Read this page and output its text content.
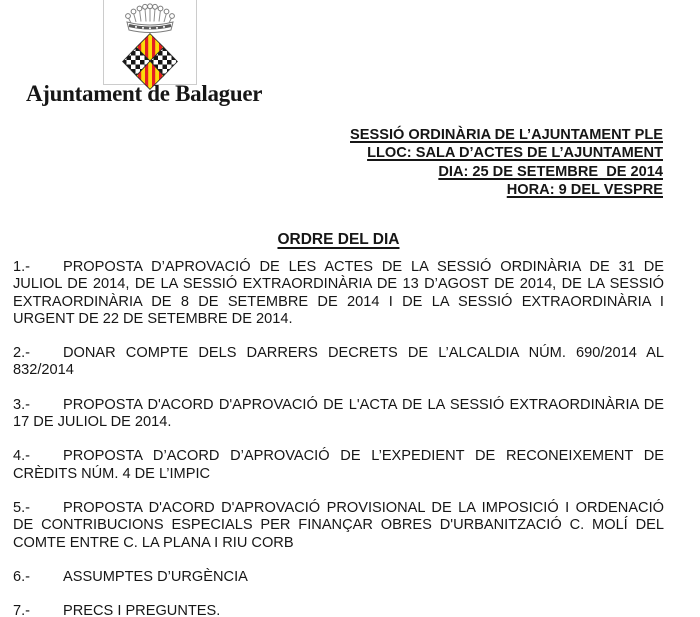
Ajuntament de Balaguer
SESSIÓ ORDINÀRIA DE L’AJUNTAMENT PLE
LLOC: SALA D’ACTES DE L’AJUNTAMENT
DIA: 25 DE SETEMBRE  DE 2014
HORA: 9 DEL VESPRE
ORDRE DEL DIA
1.- PROPOSTA D’APROVACIÓ DE LES ACTES DE LA SESSIÓ ORDINÀRIA DE 31 DE
JULIOL DE 2014, DE LA SESSIÓ EXTRAORDINÀRIA DE 13 D’AGOST DE 2014, DE LA SESSIÓ
EXTRAORDINÀRIA DE 8 DE SETEMBRE DE 2014 I DE LA SESSIÓ EXTRAORDINÀRIA I
URGENT DE 22 DE SETEMBRE DE 2014.
2.- DONAR COMPTE DELS DARRERS DECRETS DE L’ALCALDIA NÚM. 690/2014 AL
832/2014
3.- PROPOSTA D'ACORD D'APROVACIÓ DE L'ACTA DE LA SESSIÓ EXTRAORDINÀRIA DE
17 DE JULIOL DE 2014.
4.- PROPOSTA D’ACORD D’APROVACIÓ DE L’EXPEDIENT DE RECONEIXEMENT DE
CRÈDITS NÚM. 4 DE L’IMPIC
5.- PROPOSTA D'ACORD D'APROVACIÓ PROVISIONAL DE LA IMPOSICIÓ I ORDENACIÓ
DE CONTRIBUCIONS ESPECIALS PER FINANÇAR OBRES D'URBANITZACIÓ C. MOLÍ DEL
COMTE ENTRE C. LA PLANA I RIU CORB
6.- ASSUMPTES D’URGÈNCIA
7.- PRECS I PREGUNTES.
